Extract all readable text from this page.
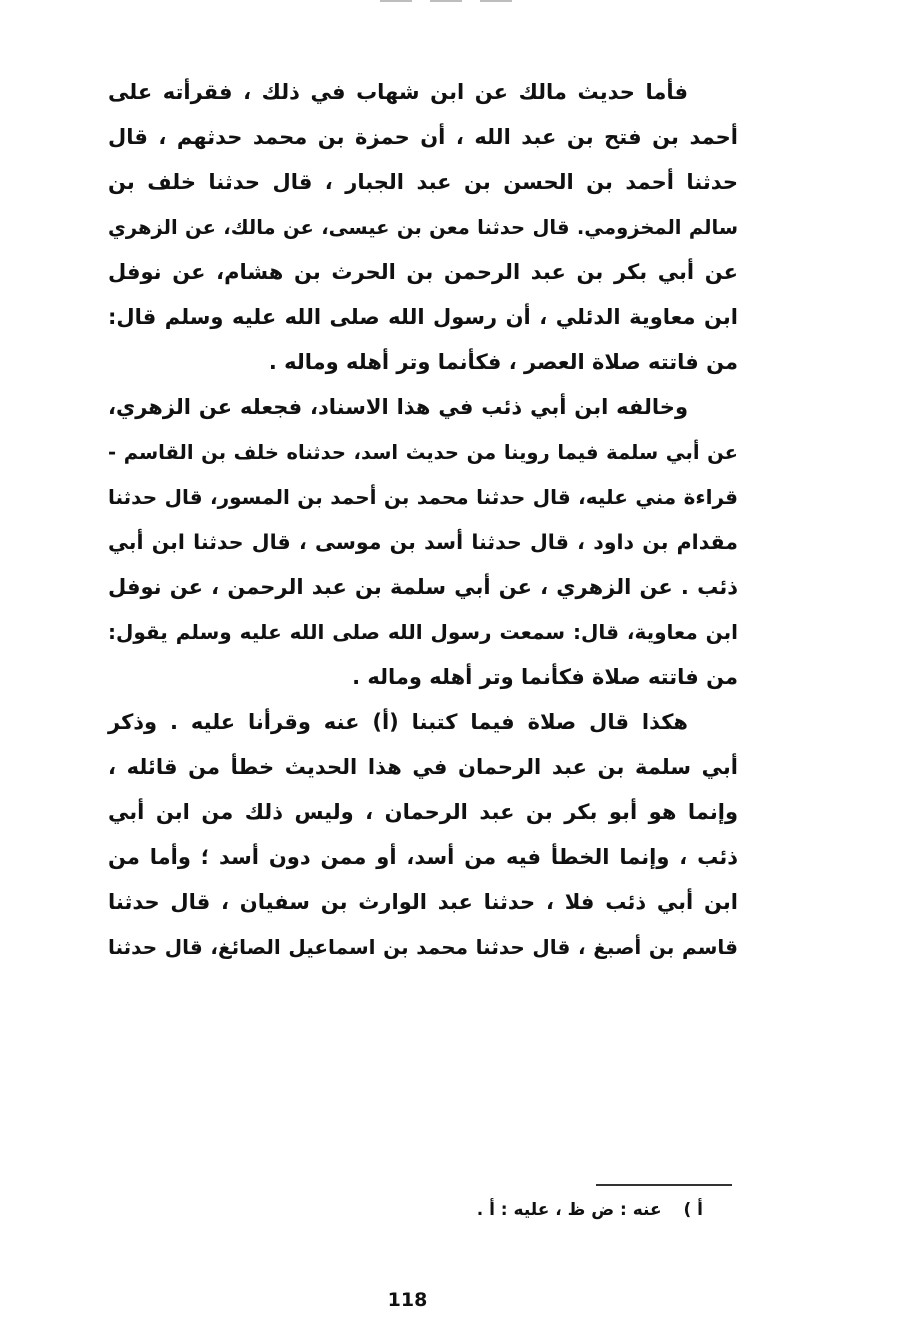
فأما حديث مالك عن ابن شهاب في ذلك ، فقرأته على
أحمد بن فتح بن عبد الله ، أن حمزة بن محمد حدثهم ، قال
حدثنا أحمد بن الحسن بن عبد الجبار ، قال حدثنا خلف بن
سالم المخزومي. قال حدثنا معن بن عيسى، عن مالك، عن الزهري
عن أبي بكر بن عبد الرحمن بن الحرث بن هشام، عن نوفل
ابن معاوية الدئلي ، أن رسول الله صلى الله عليه وسلم قال:
من فاتته صلاة العصر ، فكأنما وتر أهله وماله .
وخالفه ابن أبي ذئب في هذا الاسناد، فجعله عن الزهري،
عن أبي سلمة فيما روينا من حديث اسد، حدثناه خلف بن القاسم -
قراءة مني عليه، قال حدثنا محمد بن أحمد بن المسور، قال حدثنا
مقدام بن داود ، قال حدثنا أسد بن موسى ، قال حدثنا ابن أبي
ذئب . عن الزهري ، عن أبي سلمة بن عبد الرحمن ، عن نوفل
ابن معاوية، قال: سمعت رسول الله صلى الله عليه وسلم يقول:
من فاتته صلاة فكأنما وتر أهله وماله .
هكذا قال صلاة فيما كتبنا (أ) عنه وقرأنا عليه . وذكر
أبي سلمة بن عبد الرحمان في هذا الحديث خطأ من قائله ،
وإنما هو أبو بكر بن عبد الرحمان ، وليس ذلك من ابن أبي
ذئب ، وإنما الخطأ فيه من أسد، أو ممن دون أسد ؛ وأما من
ابن أبي ذئب فلا ، حدثنا عبد الوارث بن سفيان ، قال حدثنا
قاسم بن أصبغ ، قال حدثنا محمد بن اسماعيل الصائغ، قال حدثنا
أ ) عنه : ض ظ ، عليه : أ .
118
